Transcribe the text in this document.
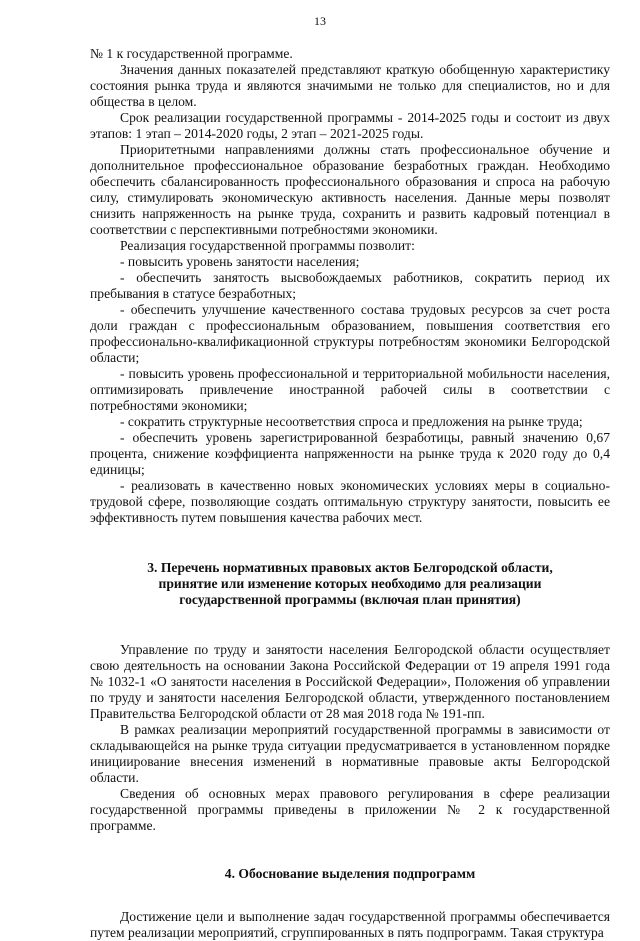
13

№ 1 к государственной программе.

Значения данных показателей представляют краткую обобщенную характеристику состояния рынка труда и являются значимыми не только для специалистов, но и для общества в целом.

Срок реализации государственной программы - 2014-2025 годы и состоит из двух этапов: 1 этап – 2014-2020 годы, 2 этап – 2021-2025 годы.

Приоритетными направлениями должны стать профессиональное обучение и дополнительное профессиональное образование безработных граждан. Необходимо обеспечить сбалансированность профессионального образования и спроса на рабочую силу, стимулировать экономическую активность населения. Данные меры позволят снизить напряженность на рынке труда, сохранить и развить кадровый потенциал в соответствии с перспективными потребностями экономики.

Реализация государственной программы позволит:

- повысить уровень занятости населения;

- обеспечить занятость высвобождаемых работников, сократить период их пребывания в статусе безработных;

- обеспечить улучшение качественного состава трудовых ресурсов за счет роста доли граждан с профессиональным образованием, повышения соответствия его профессионально-квалификационной структуры потребностям экономики Белгородской области;

- повысить уровень профессиональной и территориальной мобильности населения, оптимизировать привлечение иностранной рабочей силы в соответствии с потребностями экономики;

- сократить структурные несоответствия спроса и предложения на рынке труда;

- обеспечить уровень зарегистрированной безработицы, равный значению 0,67 процента, снижение коэффициента напряженности на рынке труда к 2020 году до 0,4 единицы;

- реализовать в качественно новых экономических условиях меры в социально-трудовой сфере, позволяющие создать оптимальную структуру занятости, повысить ее эффективность путем повышения качества рабочих мест.

3. Перечень нормативных правовых актов Белгородской области,
принятие или изменение которых необходимо для реализации
государственной программы (включая план принятия)

Управление по труду и занятости населения Белгородской области осуществляет свою деятельность на основании Закона Российской Федерации от 19 апреля 1991 года № 1032-1 «О занятости населения в Российской Федерации», Положения об управлении по труду и занятости населения Белгородской области, утвержденного постановлением Правительства Белгородской области от 28 мая 2018 года № 191-пп.

В рамках реализации мероприятий государственной программы в зависимости от складывающейся на рынке труда ситуации предусматривается в установленном порядке инициирование внесения изменений в нормативные правовые акты Белгородской области.

Сведения об основных мерах правового регулирования в сфере реализации государственной программы приведены в приложении № 2 к государственной программе.

4. Обоснование выделения подпрограмм

Достижение цели и выполнение задач государственной программы обеспечивается путем реализации мероприятий, сгруппированных в пять подпрограмм. Такая структура
